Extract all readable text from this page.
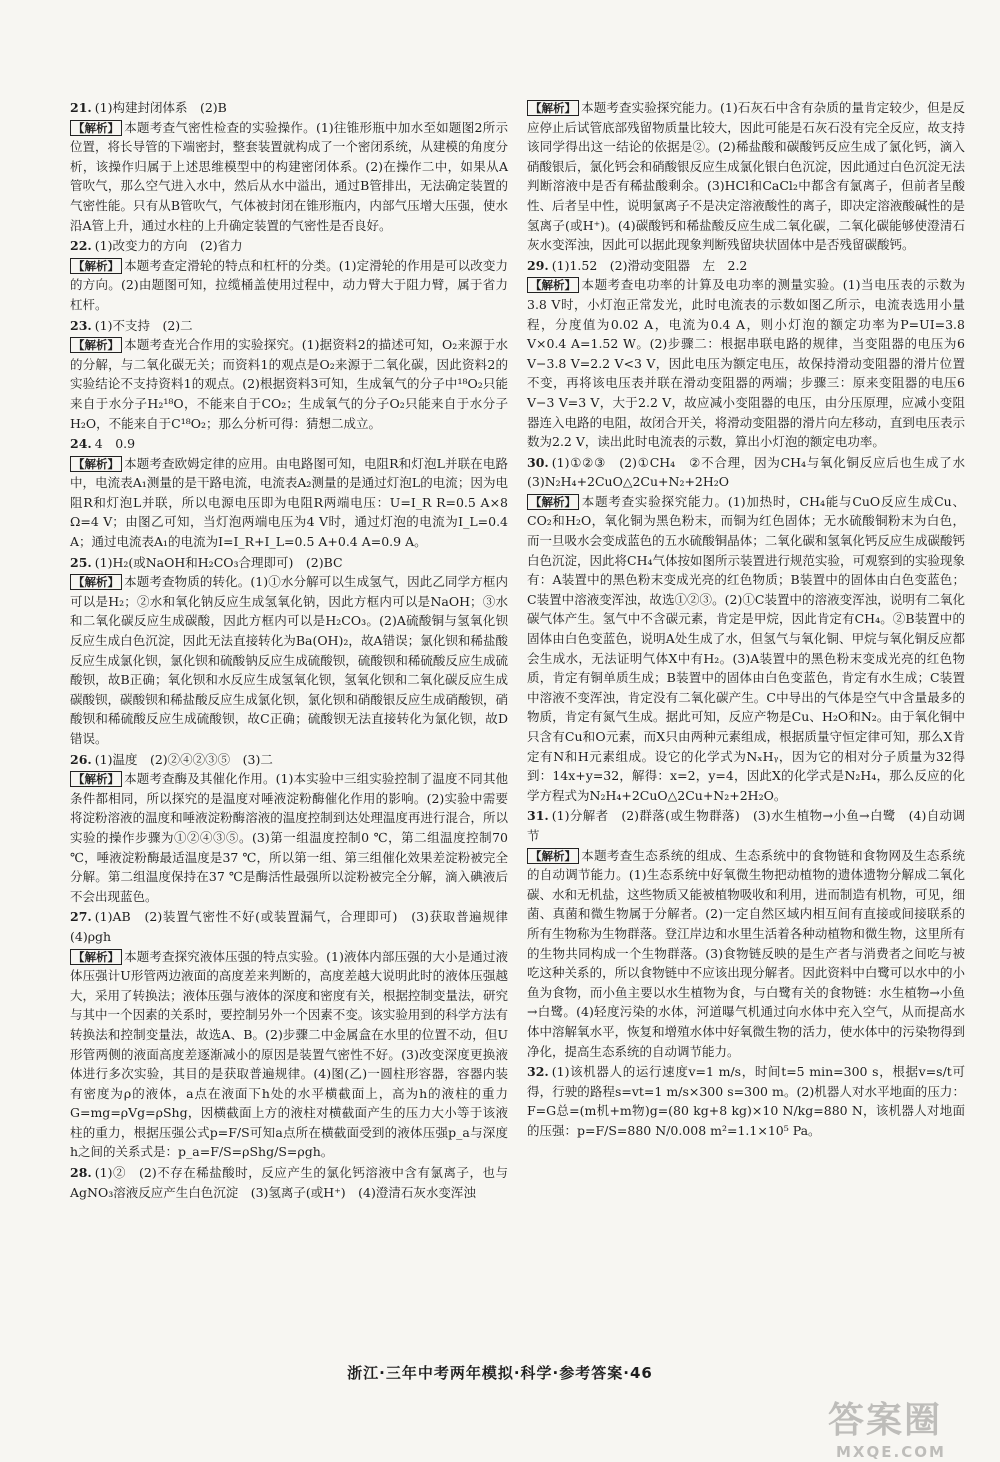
21. (1)构建封闭体系　(2)B

【解析】 本题考查气密性检查的实验操作。(1)往锥形瓶中加水至如题图2所示位置，将长导管的下端密封，整套装置就构成了一个密闭系统，从建模的角度分析，该操作归属于上述思维模型中的构建密闭体系。(2)在操作二中，如果从A管吹气，那么空气进入水中，然后从水中溢出，通过B管排出，无法确定装置的气密性能。只有从B管吹气，气体被封闭在锥形瓶内，内部气压增大压强，使水沿A管上升，通过水柱的上升确定装置的气密性是否良好。

22. (1)改变力的方向　(2)省力

【解析】 本题考查定滑轮的特点和杠杆的分类。(1)定滑轮的作用是可以改变力的方向。(2)由题图可知，拉缆桶盖使用过程中，动力臂大于阻力臂，属于省力杠杆。

23. (1)不支持　(2)二

【解析】 本题考查光合作用的实验探究。(1)据资料2的描述可知，O₂来源于水的分解，与二氧化碳无关；而资料1的观点是O₂来源于二氧化碳，因此资料2的实验结论不支持资料1的观点。(2)根据资料3可知，生成氧气的分子中¹⁸O₂只能来自于水分子H₂¹⁸O，不能来自于CO₂；生成氧气的分子O₂只能来自于水分子H₂O，不能来自于C¹⁸O₂；那么分析可得：猜想二成立。

24. 4　0.9

【解析】 本题考查欧姆定律的应用。由电路图可知，电阻R和灯泡L并联在电路中，电流表A₁测量的是干路电流，电流表A₂测量的是通过灯泡L的电流；因为电阻R和灯泡L并联，所以电源电压即为电阻R两端电压：U=I_R R=0.5 A×8 Ω=4 V；由图乙可知，当灯泡两端电压为4 V时，通过灯泡的电流为I_L=0.4 A；通过电流表A₁的电流为I=I_R+I_L=0.5 A+0.4 A=0.9 A。

25. (1)H₂(或NaOH和H₂CO₃合理即可)　(2)BC

【解析】 本题考查物质的转化。(1)①水分解可以生成氢气，因此乙同学方框内可以是H₂；②水和氧化钠反应生成氢氧化钠，因此方框内可以是NaOH；③水和二氧化碳反应生成碳酸，因此方框内可以是H₂CO₃。(2)A硫酸铜与氢氧化钡反应生成白色沉淀，因此无法直接转化为Ba(OH)₂，故A错误；氯化钡和稀盐酸反应生成氯化钡，氯化钡和硫酸钠反应生成硫酸钡，硫酸钡和稀硫酸反应生成硫酸钡，故B正确；氧化钡和水反应生成氢氧化钡，氢氧化钡和二氧化碳反应生成碳酸钡，碳酸钡和稀盐酸反应生成氯化钡，氯化钡和硝酸银反应生成硝酸钡，硝酸钡和稀硫酸反应生成硫酸钡，故C正确；硫酸钡无法直接转化为氯化钡，故D错误。

26. (1)温度　(2)②④②③⑤　(3)二

【解析】 本题考查酶及其催化作用。(1)本实验中三组实验控制了温度不同其他条件都相同，所以探究的是温度对唾液淀粉酶催化作用的影响。(2)实验中需要将淀粉溶液的温度和唾液淀粉酶溶液的温度控制到达处理温度再进行混合，所以实验的操作步骤为①②④③⑤。(3)第一组温度控制0 ℃，第二组温度控制70 ℃，唾液淀粉酶最适温度是37 ℃，所以第一组、第三组催化效果差淀粉被完全分解。第二组温度保持在37 ℃是酶活性最强所以淀粉被完全分解，滴入碘液后不会出现蓝色。

27. (1)AB　(2)装置气密性不好(或装置漏气，合理即可)　(3)获取普遍规律　(4)ρgh

【解析】 本题考查探究液体压强的特点实验。(1)液体内部压强的大小是通过液体压强计U形管两边液面的高度差来判断的，高度差越大说明此时的液体压强越大，采用了转换法；液体压强与液体的深度和密度有关，根据控制变量法，研究与其中一个因素的关系时，要控制另外一个因素不变。该实验用到的科学方法有转换法和控制变量法，故选A、B。(2)步骤二中金属盒在水里的位置不动，但U形管两侧的液面高度差逐渐减小的原因是装置气密性不好。(3)改变深度更换液体进行多次实验，其目的是获取普遍规律。(4)图(乙)一圆柱形容器，容器内装有密度为ρ的液体，a点在液面下h处的水平横截面上，高为h的液柱的重力G=mg=ρVg=ρShg，因横截面上方的液柱对横截面产生的压力大小等于该液柱的重力，根据压强公式p=F/S可知a点所在横截面受到的液体压强p_a与深度h之间的关系式是：p_a=F/S=ρShg/S=ρgh。

28. (1)②　(2)不存在稀盐酸时，反应产生的氯化钙溶液中含有氯离子，也与AgNO₃溶液反应产生白色沉淀　(3)氢离子(或H⁺)　(4)澄清石灰水变浑浊

【解析】 本题考查实验探究能力。(1)石灰石中含有杂质的量肯定较少，但是反应停止后试管底部残留物质量比较大，因此可能是石灰石没有完全反应，故支持该同学得出这一结论的依据是②。(2)稀盐酸和碳酸钙反应生成了氯化钙，滴入硝酸银后，氯化钙会和硝酸银反应生成氯化银白色沉淀，因此通过白色沉淀无法判断溶液中是否有稀盐酸剩余。(3)HCl和CaCl₂中都含有氯离子，但前者呈酸性、后者呈中性，说明氯离子不是决定溶液酸性的离子，即决定溶液酸碱性的是氢离子(或H⁺)。(4)碳酸钙和稀盐酸反应生成二氧化碳，二氧化碳能够使澄清石灰水变浑浊，因此可以据此现象判断残留块状固体中是否残留碳酸钙。

29. (1)1.52　(2)滑动变阻器　左　2.2

【解析】 本题考查电功率的计算及电功率的测量实验。(1)当电压表的示数为3.8 V时，小灯泡正常发光，此时电流表的示数如图乙所示，电流表选用小量程，分度值为0.02 A，电流为0.4 A，则小灯泡的额定功率为P=UI=3.8 V×0.4 A=1.52 W。(2)步骤二：根据串联电路的规律，当变阻器的电压为6 V−3.8 V=2.2 V<3 V，因此电压为额定电压，故保持滑动变阻器的滑片位置不变，再将该电压表并联在滑动变阻器的两端；步骤三：原来变阻器的电压6 V−3 V=3 V，大于2.2 V，故应减小变阻器的电压，由分压原理，应减小变阻器连入电路的电阻，故闭合开关，将滑动变阻器的滑片向左移动，直到电压表示数为2.2 V，读出此时电流表的示数，算出小灯泡的额定电功率。

30. (1)①②③　(2)①CH₄　②不合理，因为CH₄与氧化铜反应后也生成了水　(3)N₂H₄+2CuO△2Cu+N₂+2H₂O

【解析】 本题考查实验探究能力。(1)加热时，CH₄能与CuO反应生成Cu、CO₂和H₂O，氧化铜为黑色粉末，而铜为红色固体；无水硫酸铜粉末为白色，而一旦吸水会变成蓝色的五水硫酸铜晶体；二氧化碳和氢氧化钙反应生成碳酸钙白色沉淀，因此将CH₄气体按如图所示装置进行规范实验，可观察到的实验现象有：A装置中的黑色粉末变成光亮的红色物质；B装置中的固体由白色变蓝色；C装置中溶液变浑浊，故选①②③。(2)①C装置中的溶液变浑浊，说明有二氧化碳气体产生。氢气中不含碳元素，肯定是甲烷，因此肯定有CH₄。②B装置中的固体由白色变蓝色，说明A处生成了水，但氢气与氧化铜、甲烷与氧化铜反应都会生成水，无法证明气体X中有H₂。(3)A装置中的黑色粉末变成光亮的红色物质，肯定有铜单质生成；B装置中的固体由白色变蓝色，肯定有水生成；C装置中溶液不变浑浊，肯定没有二氧化碳产生。C中导出的气体是空气中含量最多的物质，肯定有氮气生成。据此可知，反应产物是Cu、H₂O和N₂。由于氧化铜中只含有Cu和O元素，而X只由两种元素组成，根据质量守恒定律可知，那么X肯定有N和H元素组成。设它的化学式为NₓHᵧ，因为它的相对分子质量为32得到：14x+y=32，解得：x=2，y=4，因此X的化学式是N₂H₄，那么反应的化学方程式为N₂H₄+2CuO△2Cu+N₂+2H₂O。

31. (1)分解者　(2)群落(或生物群落)　(3)水生植物→小鱼→白鹭　(4)自动调节

【解析】 本题考查生态系统的组成、生态系统中的食物链和食物网及生态系统的自动调节能力。(1)生态系统中好氧微生物把动植物的遗体遗物分解成二氧化碳、水和无机盐，这些物质又能被植物吸收和利用，进而制造有机物，可见，细菌、真菌和微生物属于分解者。(2)一定自然区域内相互间有直接或间接联系的所有生物称为生物群落。登江岸边和水里生活着各种动植物和微生物，这里所有的生物共同构成一个生物群落。(3)食物链反映的是生产者与消费者之间吃与被吃这种关系的，所以食物链中不应该出现分解者。因此资料中白鹭可以水中的小鱼为食物，而小鱼主要以水生植物为食，与白鹭有关的食物链：水生植物→小鱼→白鹭。(4)轻度污染的水体，河道曝气机通过向水体中充入空气，从而提高水体中溶解氧水平，恢复和增殖水体中好氧微生物的活力，使水体中的污染物得到净化，提高生态系统的自动调节能力。

32. (1)该机器人的运行速度v=1 m/s，时间t=5 min=300 s，根据v=s/t可得，行驶的路程s=vt=1 m/s×300 s=300 m。(2)机器人对水平地面的压力：F=G总=(m机+m物)g=(80 kg+8 kg)×10 N/kg=880 N，该机器人对地面的压强：p=F/S=880 N/0.008 m²=1.1×10⁵ Pa。

浙江·三年中考两年模拟·科学·参考答案·46
答案圈
MXQE.COM
